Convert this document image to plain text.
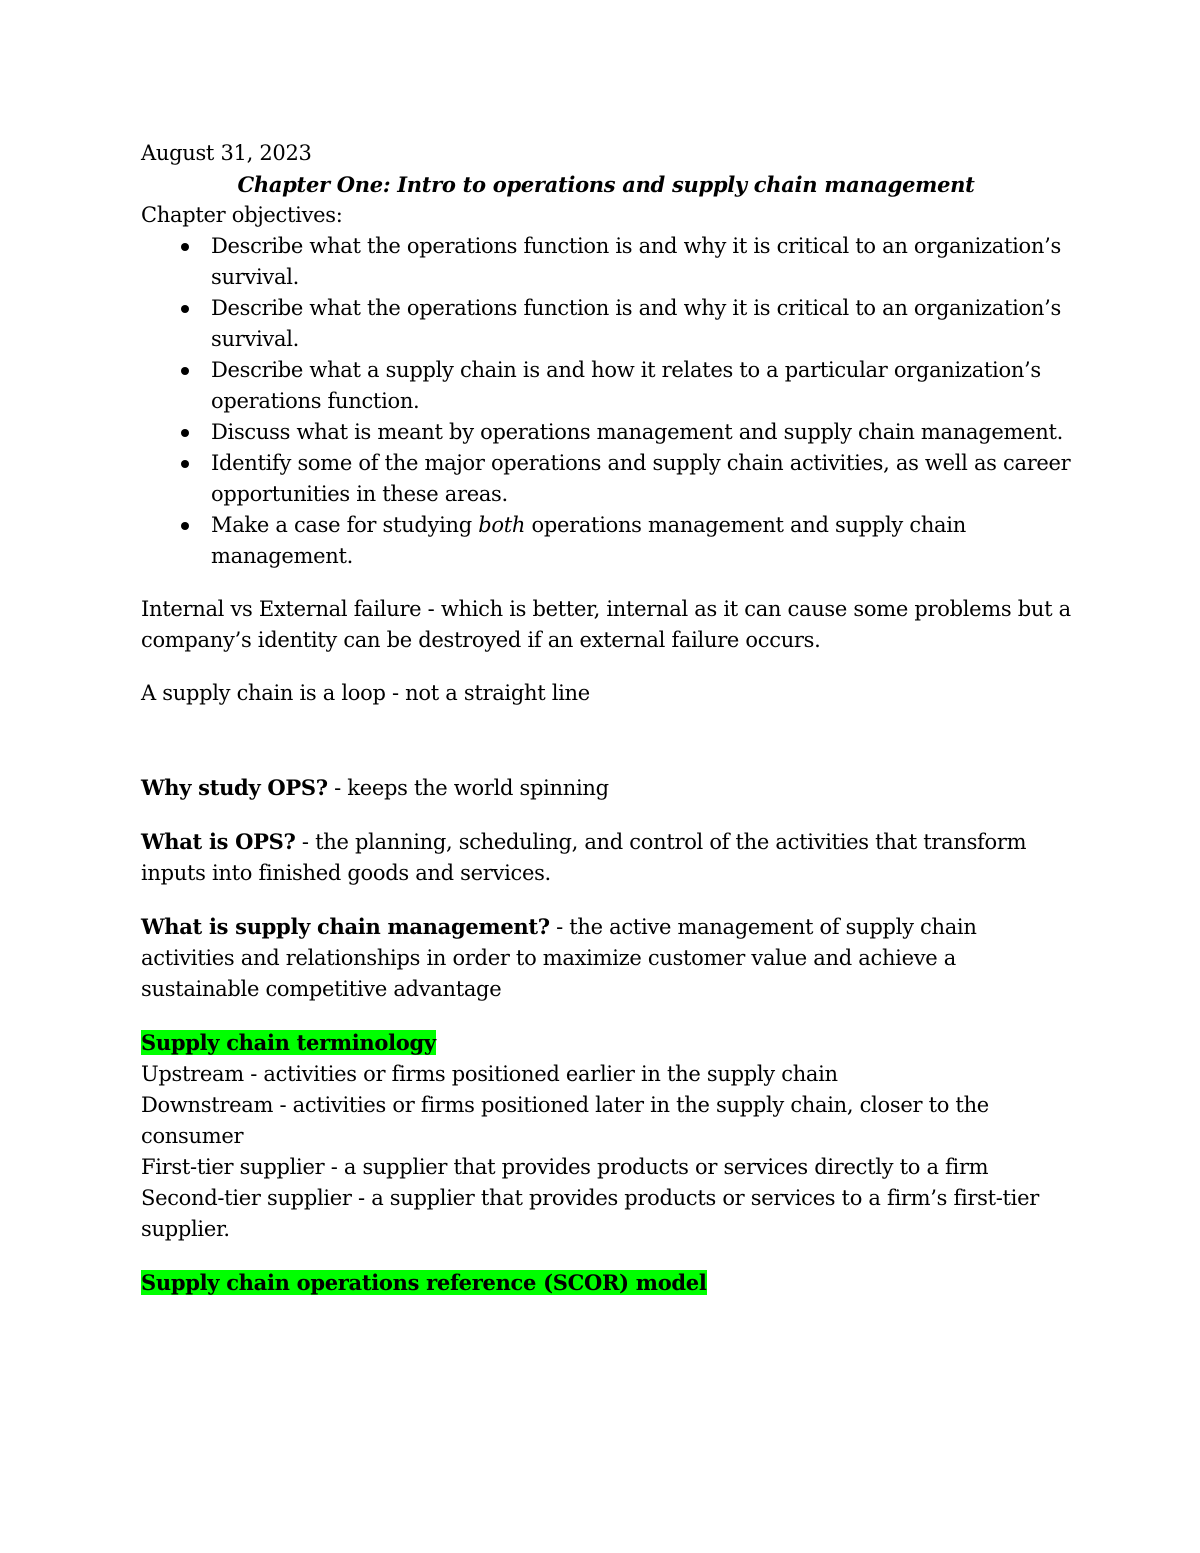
August 31, 2023

Chapter One: Intro to operations and supply chain management

Chapter objectives:

Describe what the operations function is and why it is critical to an organization’s survival.
Describe what the operations function is and why it is critical to an organization’s survival.
Describe what a supply chain is and how it relates to a particular organization’s operations function.
Discuss what is meant by operations management and supply chain management.
Identify some of the major operations and supply chain activities, as well as career opportunities in these areas.
Make a case for studying both operations management and supply chain management.

Internal vs External failure - which is better, internal as it can cause some problems but a company’s identity can be destroyed if an external failure occurs.

A supply chain is a loop - not a straight line

Why study OPS? - keeps the world spinning

What is OPS? - the planning, scheduling, and control of the activities that transform inputs into finished goods and services.

What is supply chain management? - the active management of supply chain activities and relationships in order to maximize customer value and achieve a sustainable competitive advantage

Supply chain terminology

Upstream - activities or firms positioned earlier in the supply chain

Downstream - activities or firms positioned later in the supply chain, closer to the consumer

First-tier supplier - a supplier that provides products or services directly to a firm

Second-tier supplier - a supplier that provides products or services to a firm’s first-tier supplier.

Supply chain operations reference (SCOR) model
